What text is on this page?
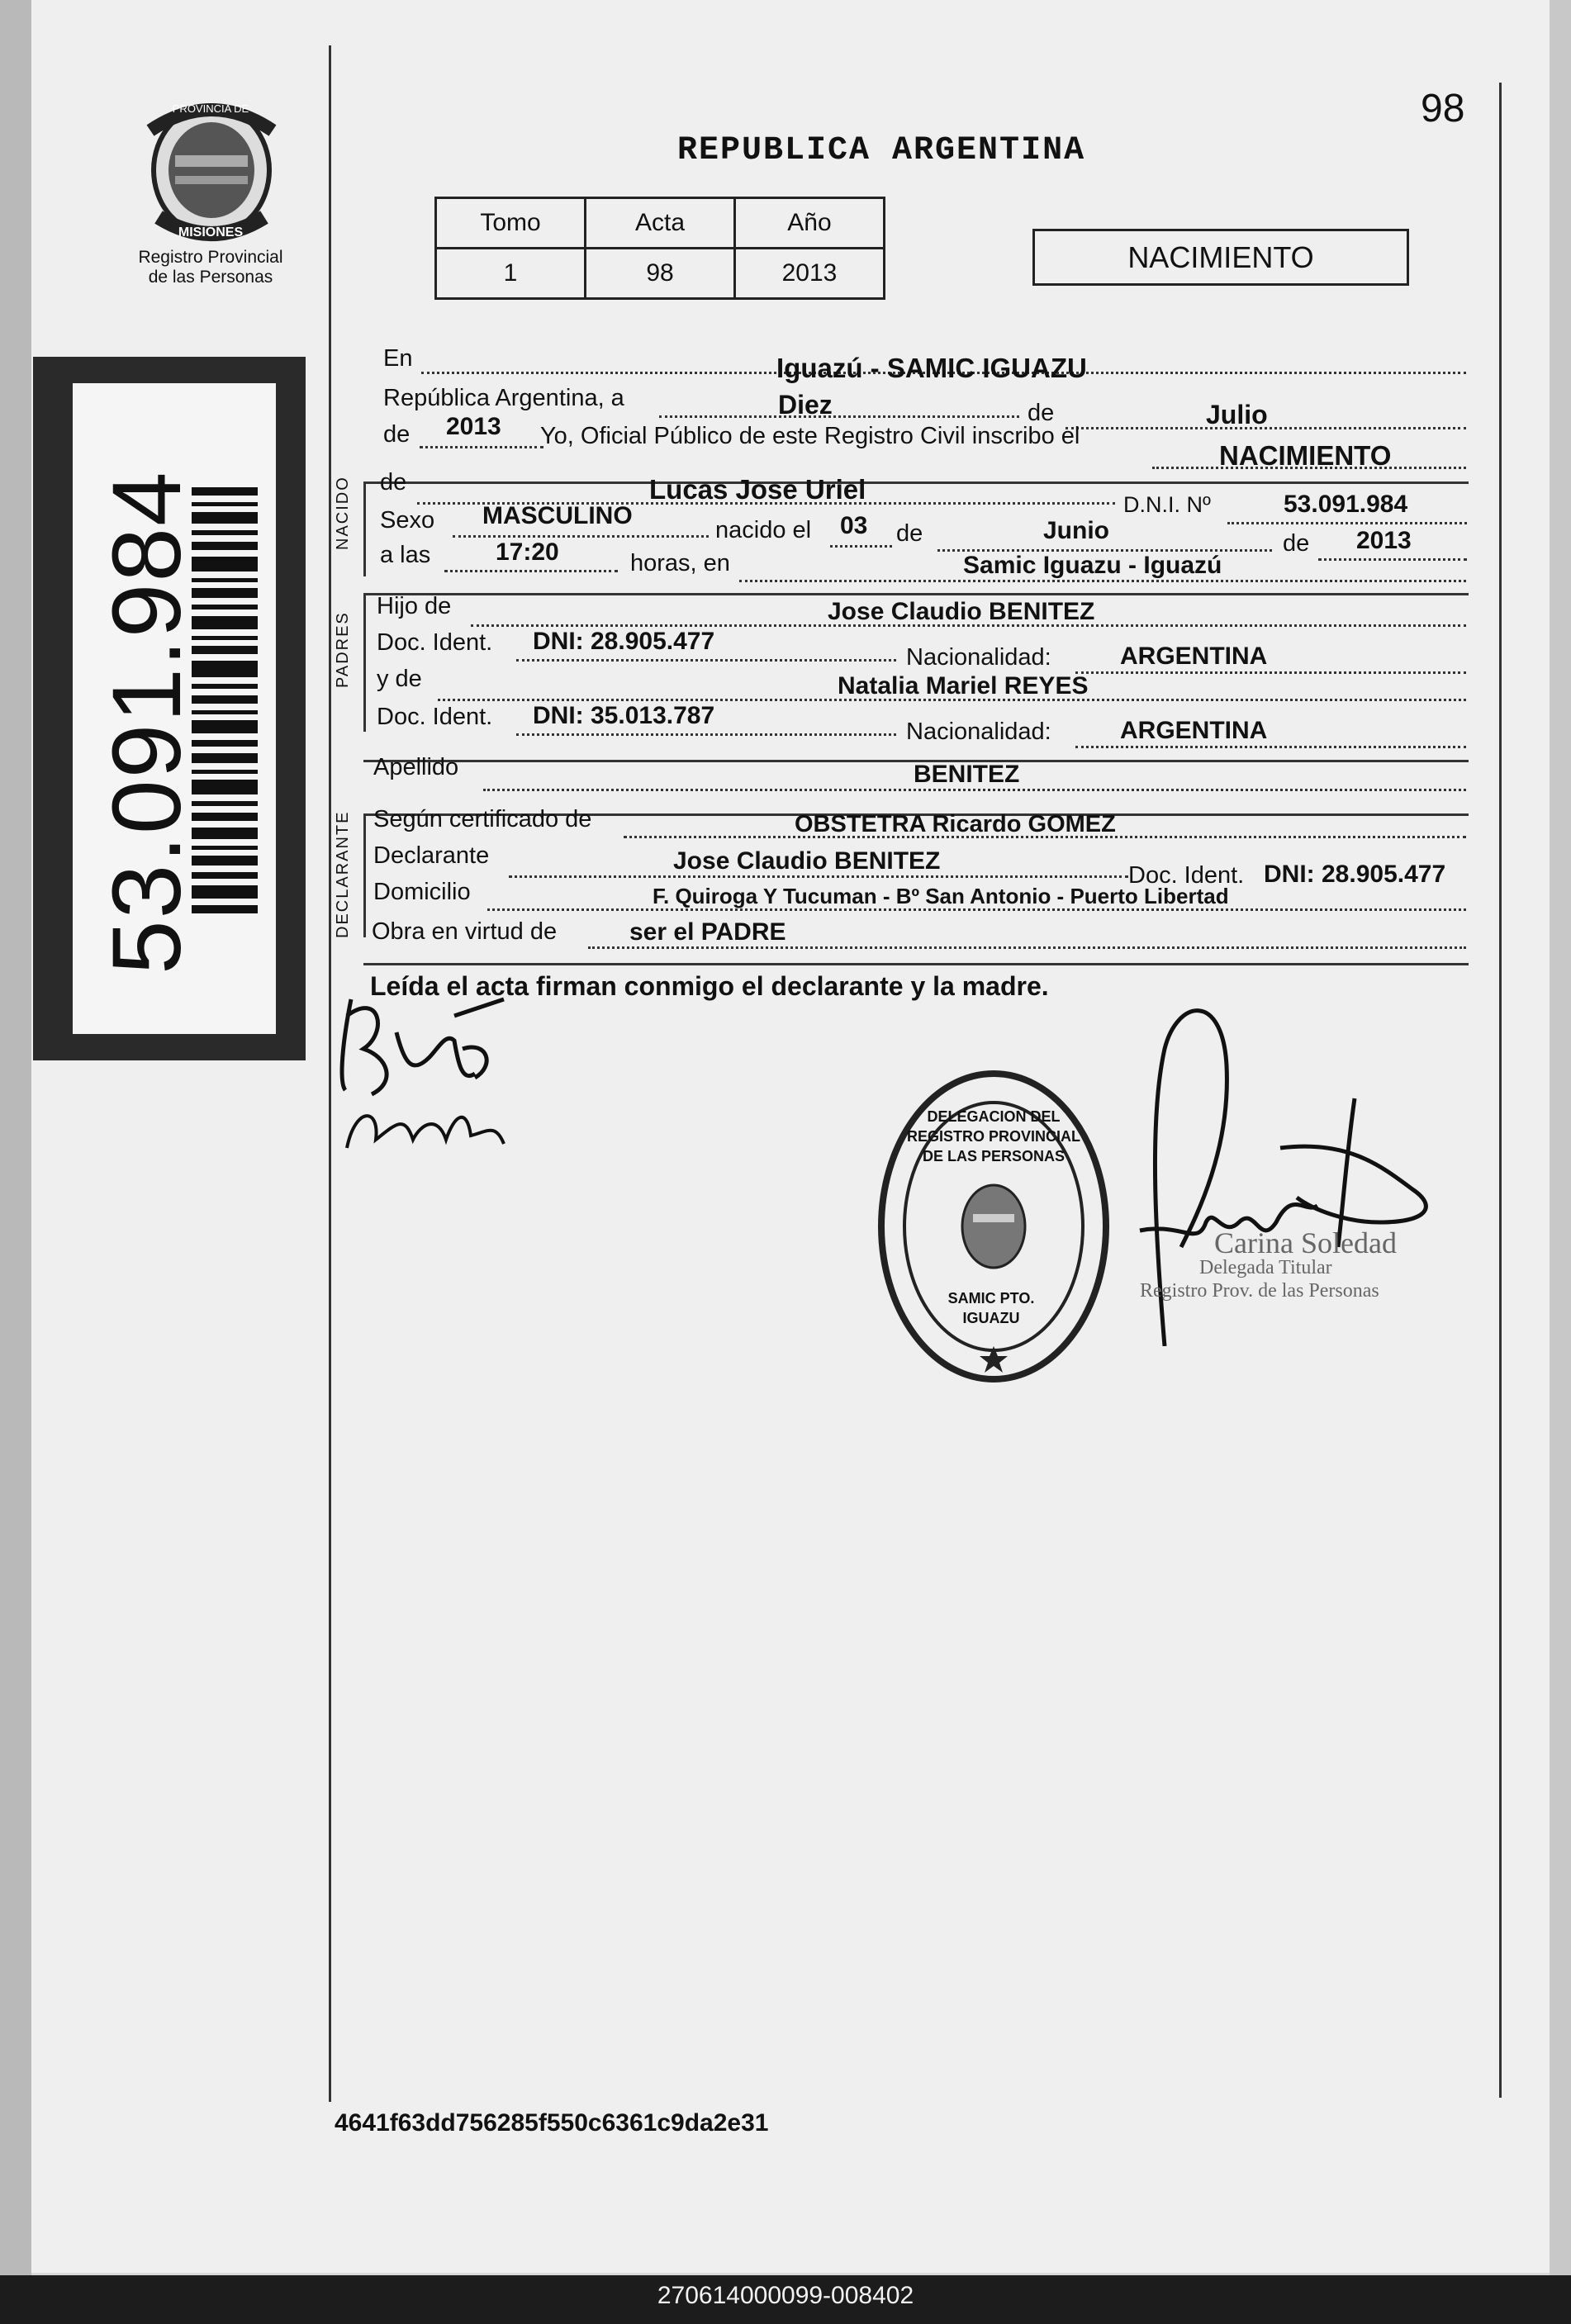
PROVINCIA DE
MISIONES
Registro Provincial
de las Personas
REPUBLICA ARGENTINA
98
Tomo	Acta	Año
1	98	2013	NACIMIENTO
53.091.984
En	Iguazú - SAMIC IGUAZU
República Argentina, a	Diez	de	Julio
de 2013 Yo, Oficial Público de este Registro Civil inscribo el
NACIMIENTO
NACIDO de	Lucas Jose Uriel	D.N.I. Nº	53.091.984
Sexo MASCULINO
nacido el 03 de	Junio	de 2013
a las	17:20	horas, en	Samic Iguazu - Iguazú
PADRES
Hijo de	Jose Claudio BENITEZ
Doc. Ident. DNI: 28.905.477
Nacionalidad:	ARGENTINA
y de	Natalia Mariel REYES
Doc. Ident. DNI: 35.013.787
Nacionalidad:	ARGENTINA
Apellido	BENITEZ
DECLARANTE Según certificado de	OBSTETRA Ricardo GOMEZ
Declarante	Jose Claudio BENITEZ
Doc. Ident. DNI: 28.905.477
Domicilio	F. Quiroga Y Tucuman - Bº San Antonio - Puerto Libertad
Obra en virtud de	ser el PADRE
Leída el acta firman conmigo el declarante y la madre.
DELEGACION DEL REGISTRO PROVINCIAL DE LAS PERSONAS
SAMIC PTO. IGUAZU
Carina Soledad
Delegada Titular
Registro Prov. de las Personas
4641f63dd756285f550c6361c9da2e31
270614000099-008402
